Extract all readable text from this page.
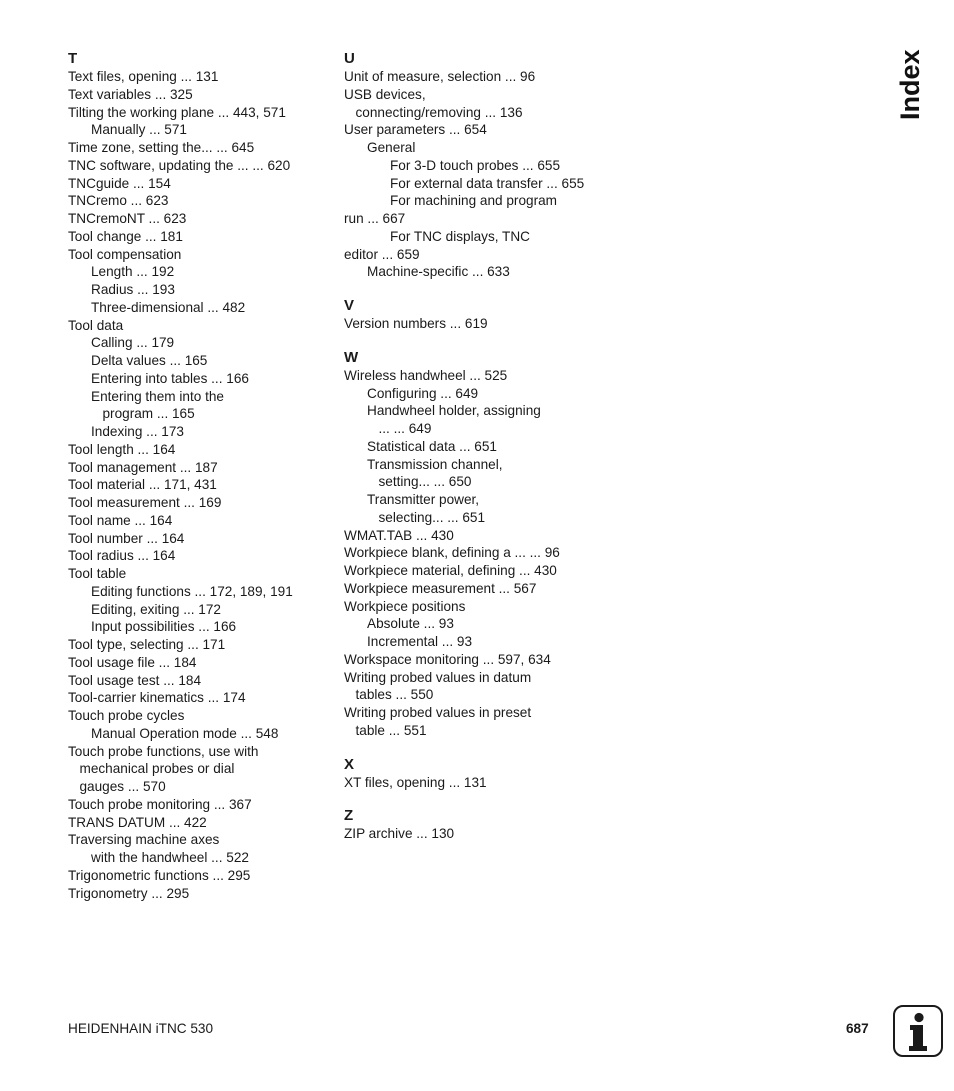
T
Text files, opening ... 131
Text variables ... 325
Tilting the working plane ... 443, 571
Manually ... 571
Time zone, setting the... ... 645
TNC software, updating the ... ... 620
TNCguide ... 154
TNCremo ... 623
TNCremoNT ... 623
Tool change ... 181
Tool compensation
Length ... 192
Radius ... 193
Three-dimensional ... 482
Tool data
Calling ... 179
Delta values ... 165
Entering into tables ... 166
Entering them into the
program ... 165
Indexing ... 173
Tool length ... 164
Tool management ... 187
Tool material ... 171, 431
Tool measurement ... 169
Tool name ... 164
Tool number ... 164
Tool radius ... 164
Tool table
Editing functions ... 172, 189, 191
Editing, exiting ... 172
Input possibilities ... 166
Tool type, selecting ... 171
Tool usage file ... 184
Tool usage test ... 184
Tool-carrier kinematics ... 174
Touch probe cycles
Manual Operation mode ... 548
Touch probe functions, use with
mechanical probes or dial
gauges ... 570
Touch probe monitoring ... 367
TRANS DATUM ... 422
Traversing machine axes
with the handwheel ... 522
Trigonometric functions ... 295
Trigonometry ... 295
U
Unit of measure, selection ... 96
USB devices,
connecting/removing ... 136
User parameters ... 654
General
For 3-D touch probes ... 655
For external data transfer ... 655
For machining and program
run ... 667
For TNC displays, TNC
editor ... 659
Machine-specific ... 633
V
Version numbers ... 619
W
Wireless handwheel ... 525
Configuring ... 649
Handwheel holder, assigning
... ... 649
Statistical data ... 651
Transmission channel,
setting... ... 650
Transmitter power,
selecting... ... 651
WMAT.TAB ... 430
Workpiece blank, defining a ... ... 96
Workpiece material, defining ... 430
Workpiece measurement ... 567
Workpiece positions
Absolute ... 93
Incremental ... 93
Workspace monitoring ... 597, 634
Writing probed values in datum
tables ... 550
Writing probed values in preset
table ... 551
X
XT files, opening ... 131
Z
ZIP archive ... 130
Index
HEIDENHAIN iTNC 530	687
